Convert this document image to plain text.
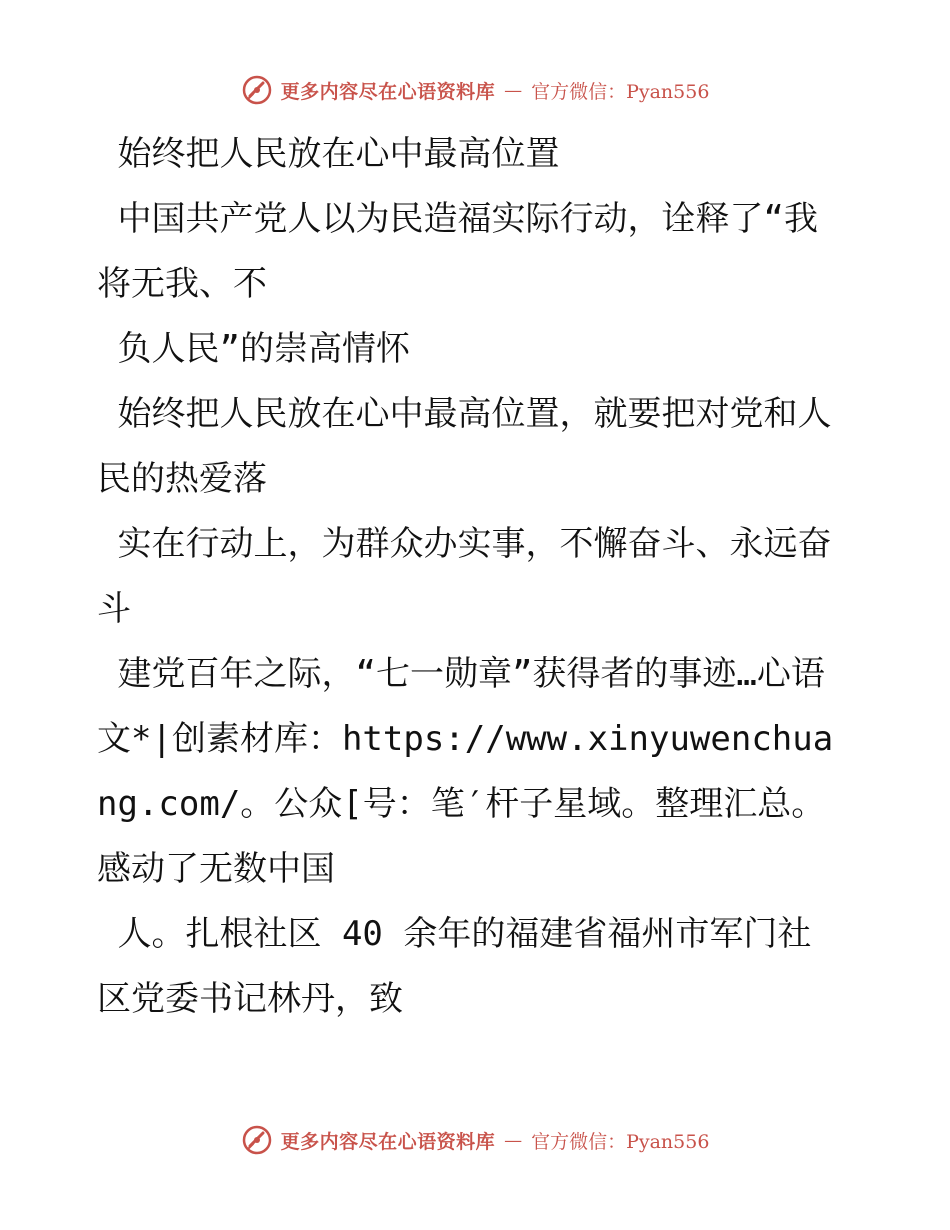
更多内容尽在心语资料库 — 官方微信：Pyan556

始终把人民放在心中最高位置

中国共产党人以为民造福实际行动，诠释了“我将无我、不

负人民”的崇高情怀

始终把人民放在心中最高位置，就要把对党和人民的热爱落

实在行动上，为群众办实事，不懈奋斗、永远奋斗

建党百年之际，“七一勋章”获得者的事迹…心语文*|创素材库：https://www.xinyuwenchuang.com/。公众[号：笔′杆子星域。整理汇总。感动了无数中国

人。扎根社区 40 余年的福建省福州市军门社区党委书记林丹，致

更多内容尽在心语资料库 — 官方微信：Pyan556
